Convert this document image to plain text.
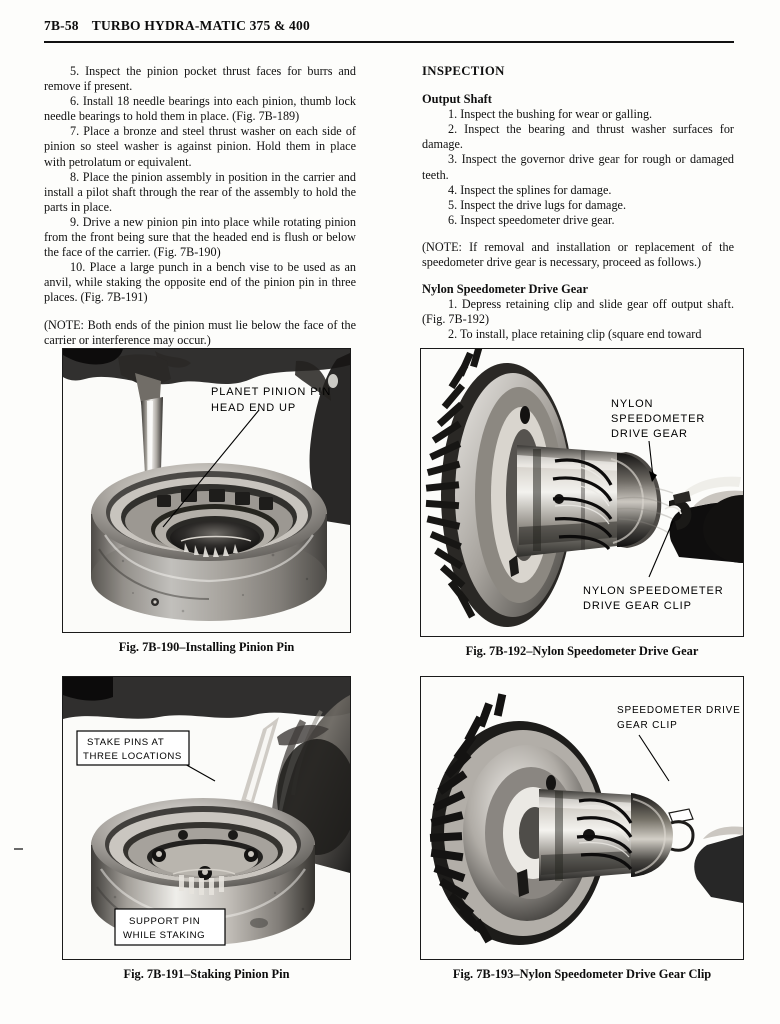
7B-58 TURBO HYDRA-MATIC 375 & 400

5. Inspect the pinion pocket thrust faces for burrs and remove if present.

6. Install 18 needle bearings into each pinion, thumb lock needle bearings to hold them in place. (Fig. 7B-189)

7. Place a bronze and steel thrust washer on each side of pinion so steel washer is against pinion. Hold them in place with petrolatum or equivalent.

8. Place the pinion assembly in position in the carrier and install a pilot shaft through the rear of the assembly to hold the parts in place.

9. Drive a new pinion pin into place while rotating pinion from the front being sure that the headed end is flush or below the face of the carrier. (Fig. 7B-190)

10. Place a large punch in a bench vise to be used as an anvil, while staking the opposite end of the pinion pin in three places. (Fig. 7B-191)

(NOTE: Both ends of the pinion must lie below the face of the carrier or interference may occur.)

INSPECTION

Output Shaft

1. Inspect the bushing for wear or galling.

2. Inspect the bearing and thrust washer surfaces for damage.

3. Inspect the governor drive gear for rough or damaged teeth.

4. Inspect the splines for damage.

5. Inspect the drive lugs for damage.

6. Inspect speedometer drive gear.

(NOTE: If removal and installation or replacement of the speedometer drive gear is necessary, proceed as follows.)

Nylon Speedometer Drive Gear

1. Depress retaining clip and slide gear off output shaft. (Fig. 7B-192)

2. To install, place retaining clip (square end toward

PLANET PINION PIN
HEAD END UP
Fig. 7B-190–Installing Pinion Pin
NYLON
SPEEDOMETER
DRIVE GEAR
NYLON SPEEDOMETER
DRIVE GEAR CLIP
Fig. 7B-192–Nylon Speedometer Drive Gear
STAKE PINS AT
THREE LOCATIONS
SUPPORT PIN
WHILE STAKING
Fig. 7B-191–Staking Pinion Pin
SPEEDOMETER DRIVE
GEAR CLIP
Fig. 7B-193–Nylon Speedometer Drive Gear Clip
